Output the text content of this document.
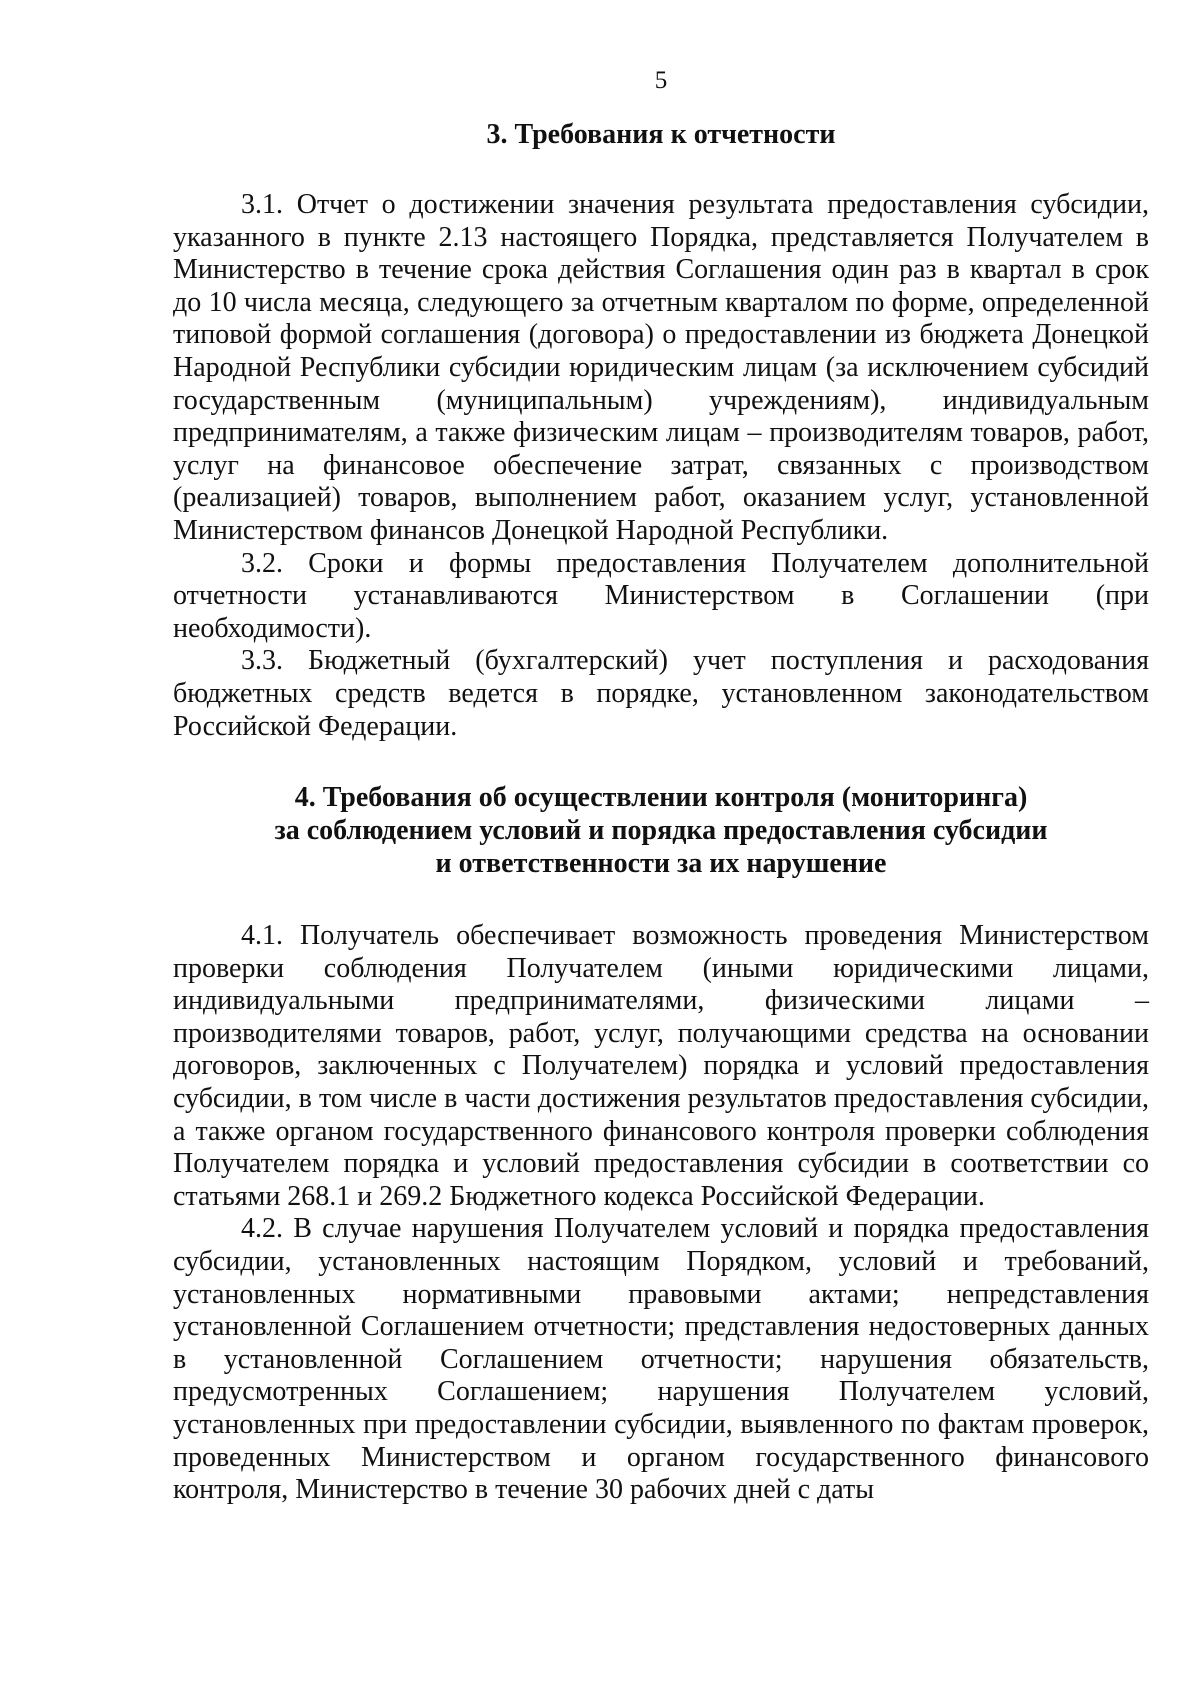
5
3. Требования к отчетности

3.1. Отчет о достижении значения результата предоставления субсидии, указанного в пункте 2.13 настоящего Порядка, представляется Получателем в Министерство в течение срока действия Соглашения один раз в квартал в срок до 10 числа месяца, следующего за отчетным кварталом по форме, определенной типовой формой соглашения (договора) о предоставлении из бюджета Донецкой Народной Республики субсидии юридическим лицам (за исключением субсидий государственным (муниципальным) учреждениям), индивидуальным предпринимателям, а также физическим лицам – производителям товаров, работ, услуг на финансовое обеспечение затрат, связанных с производством (реализацией) товаров, выполнением работ, оказанием услуг, установленной Министерством финансов Донецкой Народной Республики.

3.2. Сроки и формы предоставления Получателем дополнительной отчетности устанавливаются Министерством в Соглашении (при необходимости).

3.3. Бюджетный (бухгалтерский) учет поступления и расходования бюджетных средств ведется в порядке, установленном законодательством Российской Федерации.

4. Требования об осуществлении контроля (мониторинга)
за соблюдением условий и порядка предоставления субсидии
и ответственности за их нарушение

4.1. Получатель обеспечивает возможность проведения Министерством проверки соблюдения Получателем (иными юридическими лицами, индивидуальными предпринимателями, физическими лицами – производителями товаров, работ, услуг, получающими средства на основании договоров, заключенных с Получателем) порядка и условий предоставления субсидии, в том числе в части достижения результатов предоставления субсидии, а также органом государственного финансового контроля проверки соблюдения Получателем порядка и условий предоставления субсидии в соответствии со статьями 268.1 и 269.2 Бюджетного кодекса Российской Федерации.

4.2. В случае нарушения Получателем условий и порядка предоставления субсидии, установленных настоящим Порядком, условий и требований, установленных нормативными правовыми актами; непредставления установленной Соглашением отчетности; представления недостоверных данных в установленной Соглашением отчетности; нарушения обязательств, предусмотренных Соглашением; нарушения Получателем условий, установленных при предоставлении субсидии, выявленного по фактам проверок, проведенных Министерством и органом государственного финансового контроля, Министерство в течение 30 рабочих дней с даты
